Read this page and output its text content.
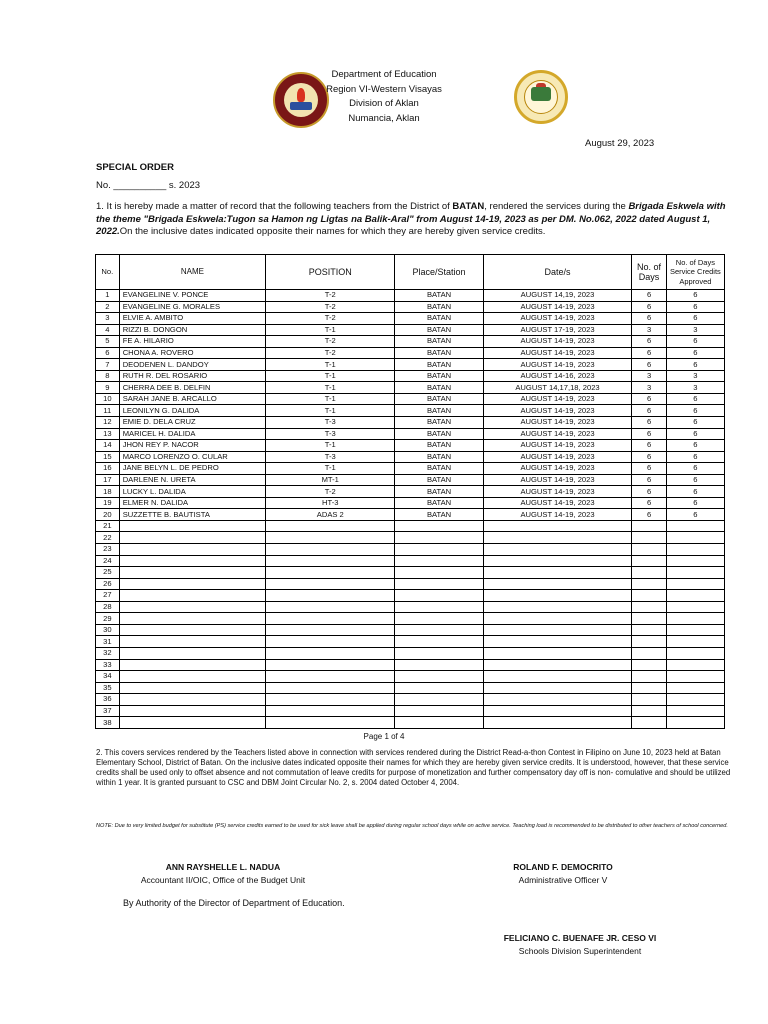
Department of Education
Region VI-Western Visayas
Division of Aklan
Numancia, Aklan
August 29, 2023
SPECIAL ORDER
No. __________ s. 2023
1. It is hereby made a matter of record that the following teachers from the District of BATAN, rendered the services during the Brigada Eskwela with the theme "Brigada Eskwela:Tugon sa Hamon ng Ligtas na Balik-Aral" from August 14-19, 2023 as per DM. No.062, 2022 dated August 1, 2022.On the inclusive dates indicated opposite their names for which they are hereby given service credits.
No.	NAME	POSITION	Place/Station	Date/s	No. of Days	No. of Days Service Credits Approved
1	EVANGELINE V. PONCE	T-2	BATAN	AUGUST 14,19, 2023	6	6
2	EVANGELINE G. MORALES	T-2	BATAN	AUGUST 14-19, 2023	6	6
3	ELVIE A. AMBITO	T-2	BATAN	AUGUST 14-19, 2023	6	6
4	RIZZI B. DONGON	T-1	BATAN	AUGUST 17-19, 2023	3	3
5	FE A. HILARIO	T-2	BATAN	AUGUST 14-19, 2023	6	6
6	CHONA A. ROVERO	T-2	BATAN	AUGUST 14-19, 2023	6	6
7	DEODENEN L. DANDOY	T-1	BATAN	AUGUST 14-19, 2023	6	6
8	RUTH R. DEL ROSARIO	T-1	BATAN	AUGUST 14-16, 2023	3	3
9	CHERRA DEE B. DELFIN	T-1	BATAN	AUGUST 14,17,18, 2023	3	3
10	SARAH JANE B. ARCALLO	T-1	BATAN	AUGUST 14-19, 2023	6	6
11	LEONILYN G. DALIDA	T-1	BATAN	AUGUST 14-19, 2023	6	6
12	EMIE D. DELA CRUZ	T-3	BATAN	AUGUST 14-19, 2023	6	6
13	MARICEL H. DALIDA	T-3	BATAN	AUGUST 14-19, 2023	6	6
14	JHON REY P. NACOR	T-1	BATAN	AUGUST 14-19, 2023	6	6
15	MARCO LORENZO O. CULAR	T-3	BATAN	AUGUST 14-19, 2023	6	6
16	JANE BELYN L. DE PEDRO	T-1	BATAN	AUGUST 14-19, 2023	6	6
17	DARLENE N. URETA	MT-1	BATAN	AUGUST 14-19, 2023	6	6
18	LUCKY L. DALIDA	T-2	BATAN	AUGUST 14-19, 2023	6	6
19	ELMER N. DALIDA	HT-3	BATAN	AUGUST 14-19, 2023	6	6
20	SUZZETTE B. BAUTISTA	ADAS 2	BATAN	AUGUST 14-19, 2023	6	6
21						
22						
23						
24						
25						
26						
27						
28						
29						
30						
31						
32						
33						
34						
35						
36						
37						
38						
Page 1 of 4
2. This covers services rendered by the Teachers listed above in connection with services rendered during the District Read-a-thon Contest in Filipino on June 10, 2023 held at Batan Elementary School, District of Batan. On the inclusive dates indicated opposite their names for which they are hereby given service credits. It is understood, however, that these service credits shall be used only to offset absence and not commutation of leave credits for purpose of monetization and further compensatory day off is non- comulative and should be utilized within 1 year. It is granted pursuant to CSC and DBM Joint Circular No. 2, s. 2004 dated October 4, 2004.
NOTE: Due to very limited budget for substitute (PS) service credits earned to be used for sick leave shall be applied during regular school days while on active service. Teaching load is recommended to be distributed to other teachers of school concerned.
ANN RAYSHELLE L. NADUA
Accountant II/OIC, Office of the Budget Unit
ROLAND F. DEMOCRITO
Administrative Officer V
By Authority of the Director of Department of Education.
FELICIANO C. BUENAFE JR. CESO VI
Schools Division Superintendent
